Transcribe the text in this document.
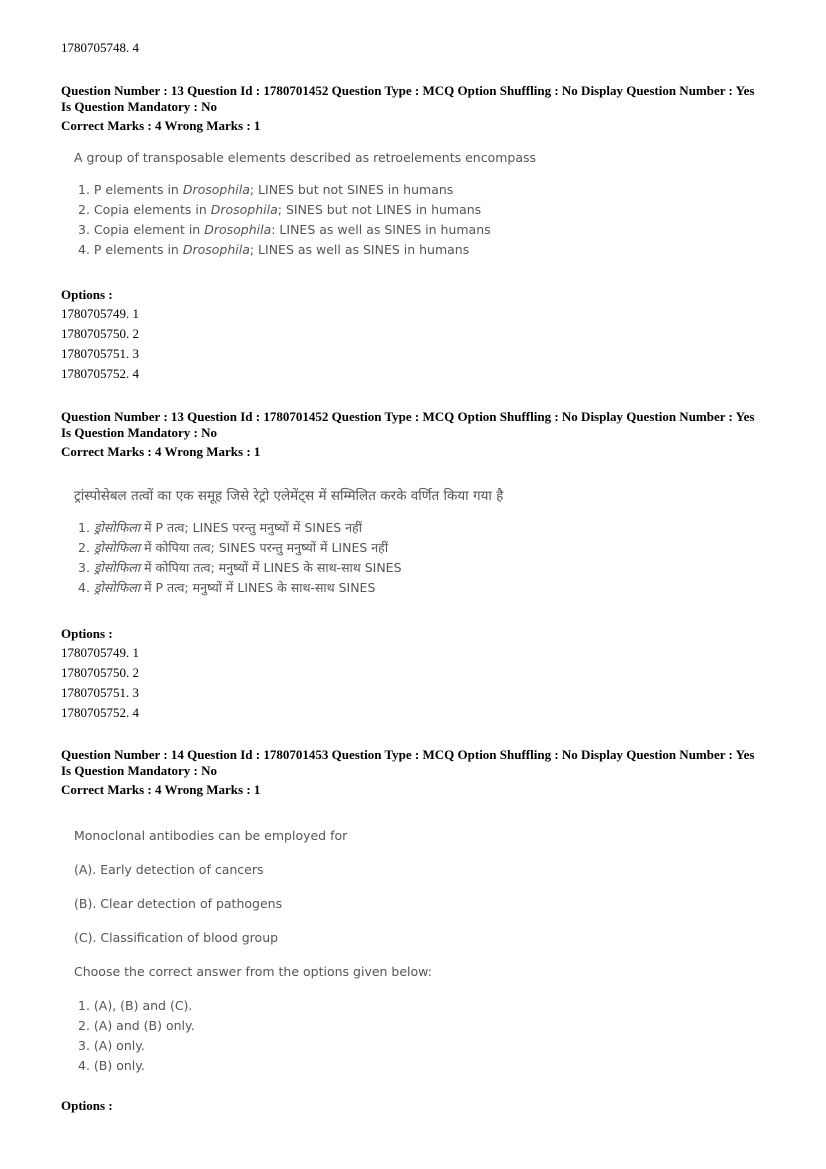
1780705748. 4
Question Number : 13 Question Id : 1780701452 Question Type : MCQ Option Shuffling : No Display Question Number : Yes
Is Question Mandatory : No
Correct Marks : 4 Wrong Marks : 1
A group of transposable elements described as retroelements encompass
1. P elements in Drosophila; LINES but not SINES in humans
2. Copia elements in Drosophila; SINES but not LINES in humans
3. Copia element in Drosophila: LINES as well as SINES in humans
4. P elements in Drosophila; LINES as well as SINES in humans
Options :
1780705749. 1
1780705750. 2
1780705751. 3
1780705752. 4
Question Number : 13 Question Id : 1780701452 Question Type : MCQ Option Shuffling : No Display Question Number : Yes
Is Question Mandatory : No
Correct Marks : 4 Wrong Marks : 1
ट्रांस्पोसेबल तत्वों का एक समूह जिसे रेट्रो एलेमेंट्स में सम्मिलित करके वर्णित किया गया है
1. ड्रोसोफिला में P तत्व; LINES परन्तु मनुष्यों में SINES नहीं
2. ड्रोसोफिला में कोपिया तत्व; SINES परन्तु मनुष्यों में LINES नहीं
3. ड्रोसोफिला में कोपिया तत्व; मनुष्यों में LINES के साथ-साथ SINES
4. ड्रोसोफिला में P तत्व; मनुष्यों में LINES के साथ-साथ SINES
Options :
1780705749. 1
1780705750. 2
1780705751. 3
1780705752. 4
Question Number : 14 Question Id : 1780701453 Question Type : MCQ Option Shuffling : No Display Question Number : Yes
Is Question Mandatory : No
Correct Marks : 4 Wrong Marks : 1
Monoclonal antibodies can be employed for
(A). Early detection of cancers
(B). Clear detection of pathogens
(C). Classification of blood group
Choose the correct answer from the options given below:
1. (A), (B) and (C).
2. (A) and (B) only.
3. (A) only.
4. (B) only.
Options :
